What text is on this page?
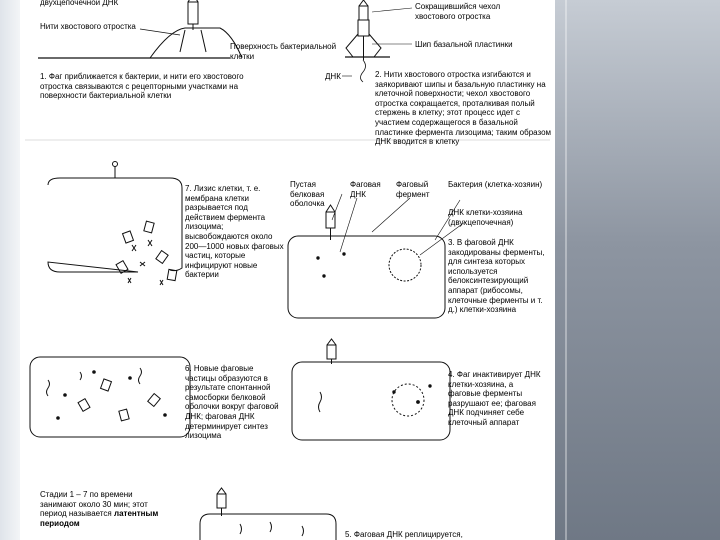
двухцепочечной ДНК

Нити хвостового отростка

Поверхность бактериальной клетки

Сокращившийся чехол хвостового отростка

Шип базальной пластинки

ДНК

1. Фаг приближается к бактерии, и нити его хвостового отростка связываются с рецепторными участками на поверхности бактериальной клетки

2. Нити хвостового отростка изгибаются и заякоривают шипы и базальную пластинку на клеточной поверхности; чехол хвостового отростка сокращается, проталкивая полый стержень в клетку; этот процесс идет с участием содержащегося в базальной пластинке фермента лизоцима; таким образом ДНК вводится в клетку

7. Лизис клетки, т. е. мембрана клетки разрывается под действием фермента лизоцима; высвобождаются около 200—1000 новых фаговых частиц, которые инфицируют новые бактерии

Пустая белковая оболочка

Фаговая ДНК

Фаговый фермент

Бактерия (клетка-хозяин)

ДНК клетки-хозяина (двухцепочечная)

3. В фаговой ДНК закодированы ферменты, для синтеза которых используется белоксинтезирующий аппарат (рибосомы, клеточные ферменты и т. д.) клетки-хозяина

6. Новые фаговые частицы образуются в результате спонтанной самосборки белковой оболочки вокруг фаговой ДНК; фаговая ДНК детерминирует синтез лизоцима

4. Фаг инактивирует ДНК клетки-хозяина, а фаговые ферменты разрушают ее; фаговая ДНК подчиняет себе клеточный аппарат

Стадии 1 – 7 по времени занимают около 30 мин; этот период называется латентным периодом

5. Фаговая ДНК реплицируется,
